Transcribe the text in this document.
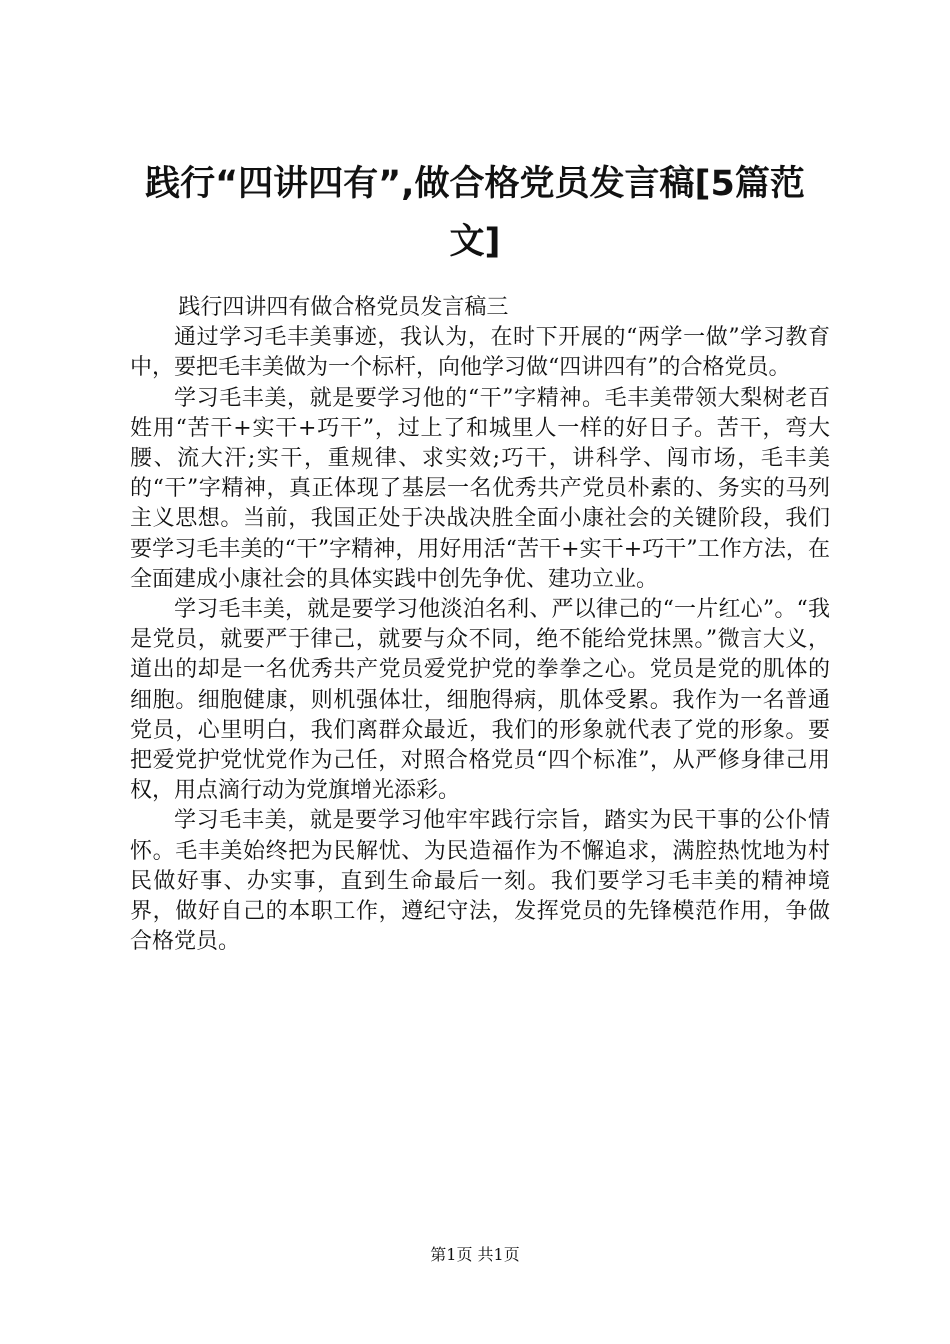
践行“四讲四有”,做合格党员发言稿[5篇范文]

践行四讲四有做合格党员发言稿三

通过学习毛丰美事迹，我认为，在时下开展的“两学一做”学习教育中，要把毛丰美做为一个标杆，向他学习做“四讲四有”的合格党员。

学习毛丰美，就是要学习他的“干”字精神。毛丰美带领大梨树老百姓用“苦干+实干+巧干”，过上了和城里人一样的好日子。苦干，弯大腰、流大汗;实干，重规律、求实效;巧干，讲科学、闯市场，毛丰美的“干”字精神，真正体现了基层一名优秀共产党员朴素的、务实的马列主义思想。当前，我国正处于决战决胜全面小康社会的关键阶段，我们要学习毛丰美的“干”字精神，用好用活“苦干+实干+巧干”工作方法，在全面建成小康社会的具体实践中创先争优、建功立业。

学习毛丰美，就是要学习他淡泊名利、严以律己的“一片红心”。“我是党员，就要严于律己，就要与众不同，绝不能给党抹黑。”微言大义，道出的却是一名优秀共产党员爱党护党的拳拳之心。党员是党的肌体的细胞。细胞健康，则机强体壮，细胞得病，肌体受累。我作为一名普通党员，心里明白，我们离群众最近，我们的形象就代表了党的形象。要把爱党护党忧党作为己任，对照合格党员“四个标准”，从严修身律己用权，用点滴行动为党旗增光添彩。

学习毛丰美，就是要学习他牢牢践行宗旨，踏实为民干事的公仆情怀。毛丰美始终把为民解忧、为民造福作为不懈追求，满腔热忱地为村民做好事、办实事，直到生命最后一刻。我们要学习毛丰美的精神境界，做好自己的本职工作，遵纪守法，发挥党员的先锋模范作用，争做合格党员。

第1页 共1页
